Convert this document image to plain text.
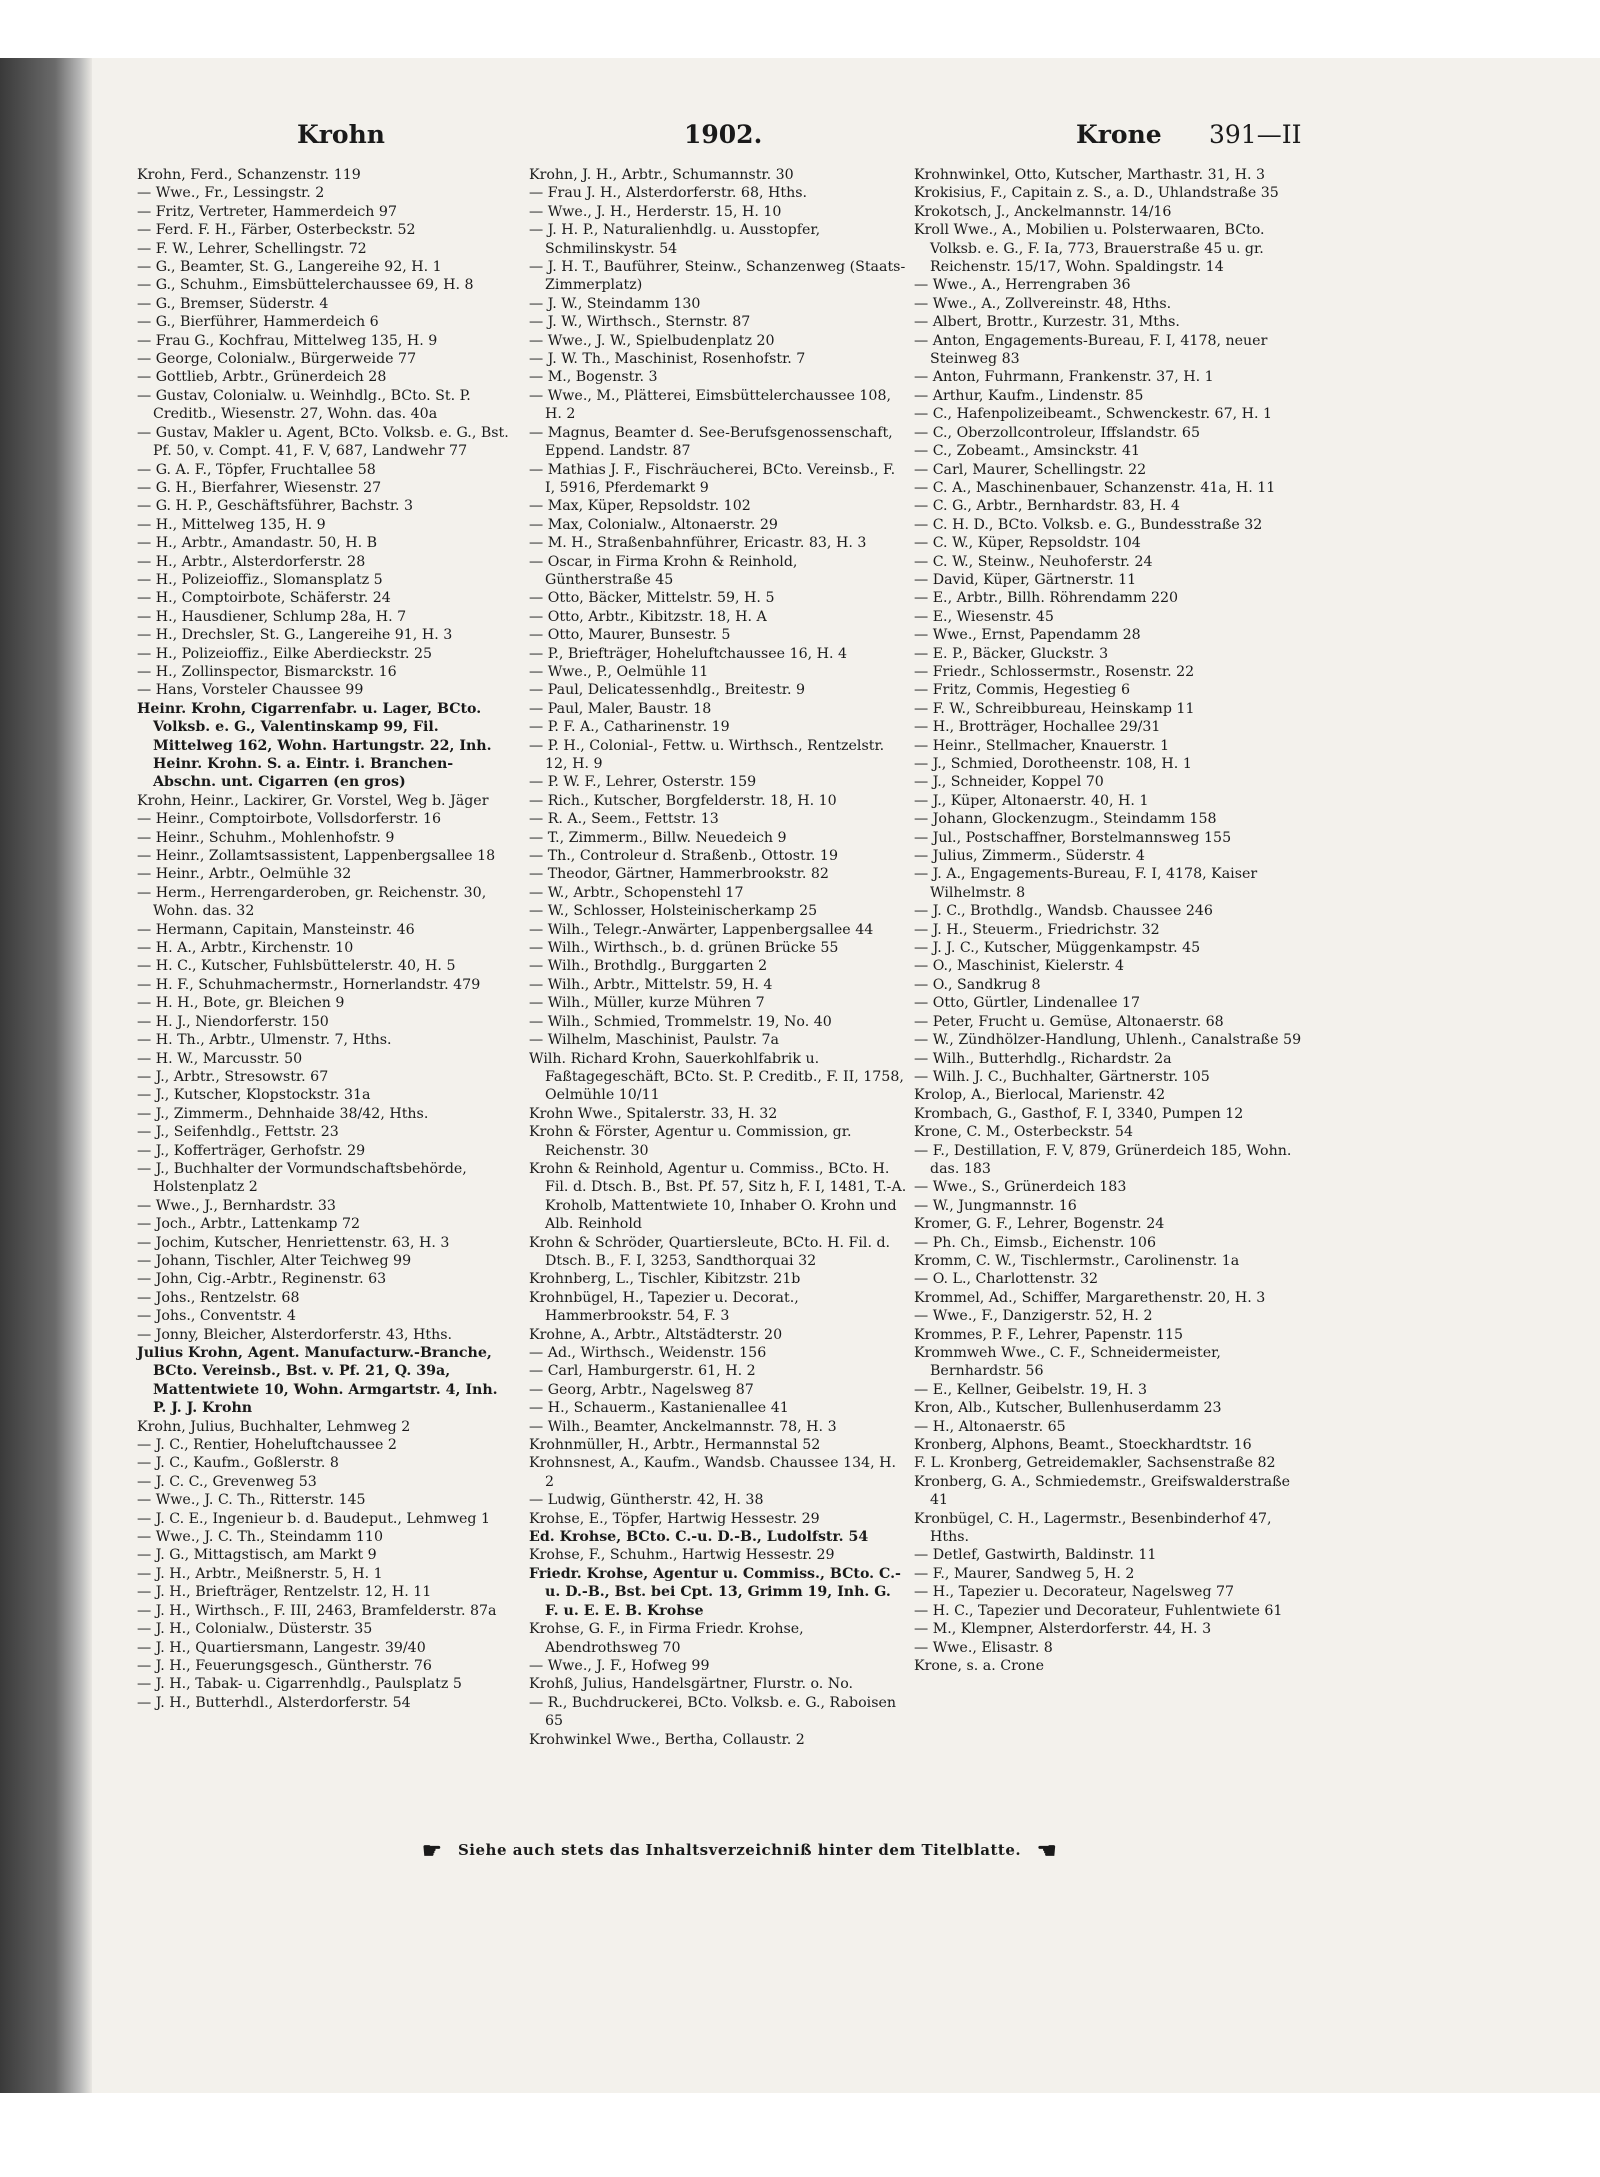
Krohn	1902.	Krone 391—II

Krohn, Ferd., Schanzenstr. 119

— Wwe., Fr., Lessingstr. 2

— Fritz, Vertreter, Hammerdeich 97

— Ferd. F. H., Färber, Osterbeckstr. 52

— F. W., Lehrer, Schellingstr. 72

— G., Beamter, St. G., Langereihe 92, H. 1

— G., Schuhm., Eimsbüttelerchaussee 69, H. 8

— G., Bremser, Süderstr. 4

— G., Bierführer, Hammerdeich 6

— Frau G., Kochfrau, Mittelweg 135, H. 9

— George, Colonialw., Bürgerweide 77

— Gottlieb, Arbtr., Grünerdeich 28

— Gustav, Colonialw. u. Weinhdlg., BCto. St. P. Creditb., Wiesenstr. 27, Wohn. das. 40a

— Gustav, Makler u. Agent, BCto. Volksb. e. G., Bst. Pf. 50, v. Compt. 41, F. V, 687, Landwehr 77

— G. A. F., Töpfer, Fruchtallee 58

— G. H., Bierfahrer, Wiesenstr. 27

— G. H. P., Geschäftsführer, Bachstr. 3

— H., Mittelweg 135, H. 9

— H., Arbtr., Amandastr. 50, H. B

— H., Arbtr., Alsterdorferstr. 28

— H., Polizeioffiz., Slomansplatz 5

— H., Comptoirbote, Schäferstr. 24

— H., Hausdiener, Schlump 28a, H. 7

— H., Drechsler, St. G., Langereihe 91, H. 3

— H., Polizeioffiz., Eilke Aberdieckstr. 25

— H., Zollinspector, Bismarckstr. 16

— Hans, Vorsteler Chaussee 99

Heinr. Krohn, Cigarrenfabr. u. Lager, BCto. Volksb. e. G., Valentinskamp 99, Fil. Mittelweg 162, Wohn. Hartungstr. 22, Inh. Heinr. Krohn. S. a. Eintr. i. Branchen-Abschn. unt. Cigarren (en gros)

Krohn, Heinr., Lackirer, Gr. Vorstel, Weg b. Jäger

— Heinr., Comptoirbote, Vollsdorferstr. 16

— Heinr., Schuhm., Mohlenhofstr. 9

— Heinr., Zollamtsassistent, Lappenbergsallee 18

— Heinr., Arbtr., Oelmühle 32

— Herm., Herrengarderoben, gr. Reichenstr. 30, Wohn. das. 32

— Hermann, Capitain, Mansteinstr. 46

— H. A., Arbtr., Kirchenstr. 10

— H. C., Kutscher, Fuhlsbüttelerstr. 40, H. 5

— H. F., Schuhmachermstr., Hornerlandstr. 479

— H. H., Bote, gr. Bleichen 9

— H. J., Niendorferstr. 150

— H. Th., Arbtr., Ulmenstr. 7, Hths.

— H. W., Marcusstr. 50

— J., Arbtr., Stresowstr. 67

— J., Kutscher, Klopstockstr. 31a

— J., Zimmerm., Dehnhaide 38/42, Hths.

— J., Seifenhdlg., Fettstr. 23

— J., Kofferträger, Gerhofstr. 29

— J., Buchhalter der Vormundschaftsbehörde, Holstenplatz 2

— Wwe., J., Bernhardstr. 33

— Joch., Arbtr., Lattenkamp 72

— Jochim, Kutscher, Henriettenstr. 63, H. 3

— Johann, Tischler, Alter Teichweg 99

— John, Cig.-Arbtr., Reginenstr. 63

— Johs., Rentzelstr. 68

— Johs., Conventstr. 4

— Jonny, Bleicher, Alsterdorferstr. 43, Hths.

Julius Krohn, Agent. Manufacturw.-Branche, BCto. Vereinsb., Bst. v. Pf. 21, Q. 39a, Mattentwiete 10, Wohn. Armgartstr. 4, Inh. P. J. J. Krohn

Krohn, Julius, Buchhalter, Lehmweg 2

— J. C., Rentier, Hoheluftchaussee 2

— J. C., Kaufm., Goßlerstr. 8

— J. C. C., Grevenweg 53

— Wwe., J. C. Th., Ritterstr. 145

— J. C. E., Ingenieur b. d. Baudeput., Lehmweg 1

— Wwe., J. C. Th., Steindamm 110

— J. G., Mittagstisch, am Markt 9

— J. H., Arbtr., Meißnerstr. 5, H. 1

— J. H., Briefträger, Rentzelstr. 12, H. 11

— J. H., Wirthsch., F. III, 2463, Bramfelderstr. 87a

— J. H., Colonialw., Düsterstr. 35

— J. H., Quartiersmann, Langestr. 39/40

— J. H., Feuerungsgesch., Güntherstr. 76

— J. H., Tabak- u. Cigarrenhdlg., Paulsplatz 5

— J. H., Butterhdl., Alsterdorferstr. 54

Krohn, J. H., Arbtr., Schumannstr. 30

— Frau J. H., Alsterdorferstr. 68, Hths.

— Wwe., J. H., Herderstr. 15, H. 10

— J. H. P., Naturalienhdlg. u. Ausstopfer, Schmilinskystr. 54

— J. H. T., Bauführer, Steinw., Schanzenweg (Staats-Zimmerplatz)

— J. W., Steindamm 130

— J. W., Wirthsch., Sternstr. 87

— Wwe., J. W., Spielbudenplatz 20

— J. W. Th., Maschinist, Rosenhofstr. 7

— M., Bogenstr. 3

— Wwe., M., Plätterei, Eimsbüttelerchaussee 108, H. 2

— Magnus, Beamter d. See-Berufsgenossenschaft, Eppend. Landstr. 87

— Mathias J. F., Fischräucherei, BCto. Vereinsb., F. I, 5916, Pferdemarkt 9

— Max, Küper, Repsoldstr. 102

— Max, Colonialw., Altonaerstr. 29

— M. H., Straßenbahnführer, Ericastr. 83, H. 3

— Oscar, in Firma Krohn & Reinhold, Güntherstraße 45

— Otto, Bäcker, Mittelstr. 59, H. 5

— Otto, Arbtr., Kibitzstr. 18, H. A

— Otto, Maurer, Bunsestr. 5

— P., Briefträger, Hoheluftchaussee 16, H. 4

— Wwe., P., Oelmühle 11

— Paul, Delicatessenhdlg., Breitestr. 9

— Paul, Maler, Baustr. 18

— P. F. A., Catharinenstr. 19

— P. H., Colonial-, Fettw. u. Wirthsch., Rentzelstr. 12, H. 9

— P. W. F., Lehrer, Osterstr. 159

— Rich., Kutscher, Borgfelderstr. 18, H. 10

— R. A., Seem., Fettstr. 13

— T., Zimmerm., Billw. Neuedeich 9

— Th., Controleur d. Straßenb., Ottostr. 19

— Theodor, Gärtner, Hammerbrookstr. 82

— W., Arbtr., Schopenstehl 17

— W., Schlosser, Holsteinischerkamp 25

— Wilh., Telegr.-Anwärter, Lappenbergsallee 44

— Wilh., Wirthsch., b. d. grünen Brücke 55

— Wilh., Brothdlg., Burggarten 2

— Wilh., Arbtr., Mittelstr. 59, H. 4

— Wilh., Müller, kurze Mühren 7

— Wilh., Schmied, Trommelstr. 19, No. 40

— Wilhelm, Maschinist, Paulstr. 7a

Wilh. Richard Krohn, Sauerkohlfabrik u. Faßtagegeschäft, BCto. St. P. Creditb., F. II, 1758, Oelmühle 10/11

Krohn Wwe., Spitalerstr. 33, H. 32

Krohn & Förster, Agentur u. Commission, gr. Reichenstr. 30

Krohn & Reinhold, Agentur u. Commiss., BCto. H. Fil. d. Dtsch. B., Bst. Pf. 57, Sitz h, F. I, 1481, T.-A. Kroholb, Mattentwiete 10, Inhaber O. Krohn und Alb. Reinhold

Krohn & Schröder, Quartiersleute, BCto. H. Fil. d. Dtsch. B., F. I, 3253, Sandthorquai 32

Krohnberg, L., Tischler, Kibitzstr. 21b

Krohnbügel, H., Tapezier u. Decorat., Hammerbrookstr. 54, F. 3

Krohne, A., Arbtr., Altstädterstr. 20

— Ad., Wirthsch., Weidenstr. 156

— Carl, Hamburgerstr. 61, H. 2

— Georg, Arbtr., Nagelsweg 87

— H., Schauerm., Kastanienallee 41

— Wilh., Beamter, Anckelmannstr. 78, H. 3

Krohnmüller, H., Arbtr., Hermannstal 52

Krohnsnest, A., Kaufm., Wandsb. Chaussee 134, H. 2

— Ludwig, Güntherstr. 42, H. 38

Krohse, E., Töpfer, Hartwig Hessestr. 29

Ed. Krohse, BCto. C.-u. D.-B., Ludolfstr. 54

Krohse, F., Schuhm., Hartwig Hessestr. 29

Friedr. Krohse, Agentur u. Commiss., BCto. C.- u. D.-B., Bst. bei Cpt. 13, Grimm 19, Inh. G. F. u. E. E. B. Krohse

Krohse, G. F., in Firma Friedr. Krohse, Abendrothsweg 70

— Wwe., J. F., Hofweg 99

Krohß, Julius, Handelsgärtner, Flurstr. o. No.

— R., Buchdruckerei, BCto. Volksb. e. G., Raboisen 65

Krohwinkel Wwe., Bertha, Collaustr. 2

Krohnwinkel, Otto, Kutscher, Marthastr. 31, H. 3

Krokisius, F., Capitain z. S., a. D., Uhlandstraße 35

Krokotsch, J., Anckelmannstr. 14/16

Kroll Wwe., A., Mobilien u. Polsterwaaren, BCto. Volksb. e. G., F. Ia, 773, Brauerstraße 45 u. gr. Reichenstr. 15/17, Wohn. Spaldingstr. 14

— Wwe., A., Herrengraben 36

— Wwe., A., Zollvereinstr. 48, Hths.

— Albert, Brottr., Kurzestr. 31, Mths.

— Anton, Engagements-Bureau, F. I, 4178, neuer Steinweg 83

— Anton, Fuhrmann, Frankenstr. 37, H. 1

— Arthur, Kaufm., Lindenstr. 85

— C., Hafenpolizeibeamt., Schwenckestr. 67, H. 1

— C., Oberzollcontroleur, Iffslandstr. 65

— C., Zobeamt., Amsinckstr. 41

— Carl, Maurer, Schellingstr. 22

— C. A., Maschinenbauer, Schanzenstr. 41a, H. 11

— C. G., Arbtr., Bernhardstr. 83, H. 4

— C. H. D., BCto. Volksb. e. G., Bundesstraße 32

— C. W., Küper, Repsoldstr. 104

— C. W., Steinw., Neuhoferstr. 24

— David, Küper, Gärtnerstr. 11

— E., Arbtr., Billh. Röhrendamm 220

— E., Wiesenstr. 45

— Wwe., Ernst, Papendamm 28

— E. P., Bäcker, Gluckstr. 3

— Friedr., Schlossermstr., Rosenstr. 22

— Fritz, Commis, Hegestieg 6

— F. W., Schreibbureau, Heinskamp 11

— H., Brotträger, Hochallee 29/31

— Heinr., Stellmacher, Knauerstr. 1

— J., Schmied, Dorotheenstr. 108, H. 1

— J., Schneider, Koppel 70

— J., Küper, Altonaerstr. 40, H. 1

— Johann, Glockenzugm., Steindamm 158

— Jul., Postschaffner, Borstelmannsweg 155

— Julius, Zimmerm., Süderstr. 4

— J. A., Engagements-Bureau, F. I, 4178, Kaiser Wilhelmstr. 8

— J. C., Brothdlg., Wandsb. Chaussee 246

— J. H., Steuerm., Friedrichstr. 32

— J. J. C., Kutscher, Müggenkampstr. 45

— O., Maschinist, Kielerstr. 4

— O., Sandkrug 8

— Otto, Gürtler, Lindenallee 17

— Peter, Frucht u. Gemüse, Altonaerstr. 68

— W., Zündhölzer-Handlung, Uhlenh., Canalstraße 59

— Wilh., Butterhdlg., Richardstr. 2a

— Wilh. J. C., Buchhalter, Gärtnerstr. 105

Krolop, A., Bierlocal, Marienstr. 42

Krombach, G., Gasthof, F. I, 3340, Pumpen 12

Krone, C. M., Osterbeckstr. 54

— F., Destillation, F. V, 879, Grünerdeich 185, Wohn. das. 183

— Wwe., S., Grünerdeich 183

— W., Jungmannstr. 16

Kromer, G. F., Lehrer, Bogenstr. 24

— Ph. Ch., Eimsb., Eichenstr. 106

Kromm, C. W., Tischlermstr., Carolinenstr. 1a

— O. L., Charlottenstr. 32

Krommel, Ad., Schiffer, Margarethenstr. 20, H. 3

— Wwe., F., Danzigerstr. 52, H. 2

Krommes, P. F., Lehrer, Papenstr. 115

Krommweh Wwe., C. F., Schneidermeister, Bernhardstr. 56

— E., Kellner, Geibelstr. 19, H. 3

Kron, Alb., Kutscher, Bullenhuserdamm 23

— H., Altonaerstr. 65

Kronberg, Alphons, Beamt., Stoeckhardtstr. 16

F. L. Kronberg, Getreidemakler, Sachsenstraße 82

Kronberg, G. A., Schmiedemstr., Greifswalderstraße 41

Kronbügel, C. H., Lagermstr., Besenbinderhof 47, Hths.

— Detlef, Gastwirth, Baldinstr. 11

— F., Maurer, Sandweg 5, H. 2

— H., Tapezier u. Decorateur, Nagelsweg 77

— H. C., Tapezier und Decorateur, Fuhlentwiete 61

— M., Klempner, Alsterdorferstr. 44, H. 3

— Wwe., Elisastr. 8

Krone, s. a. Crone

☛ Siehe auch stets das Inhaltsverzeichniß hinter dem Titelblatte. ☚
